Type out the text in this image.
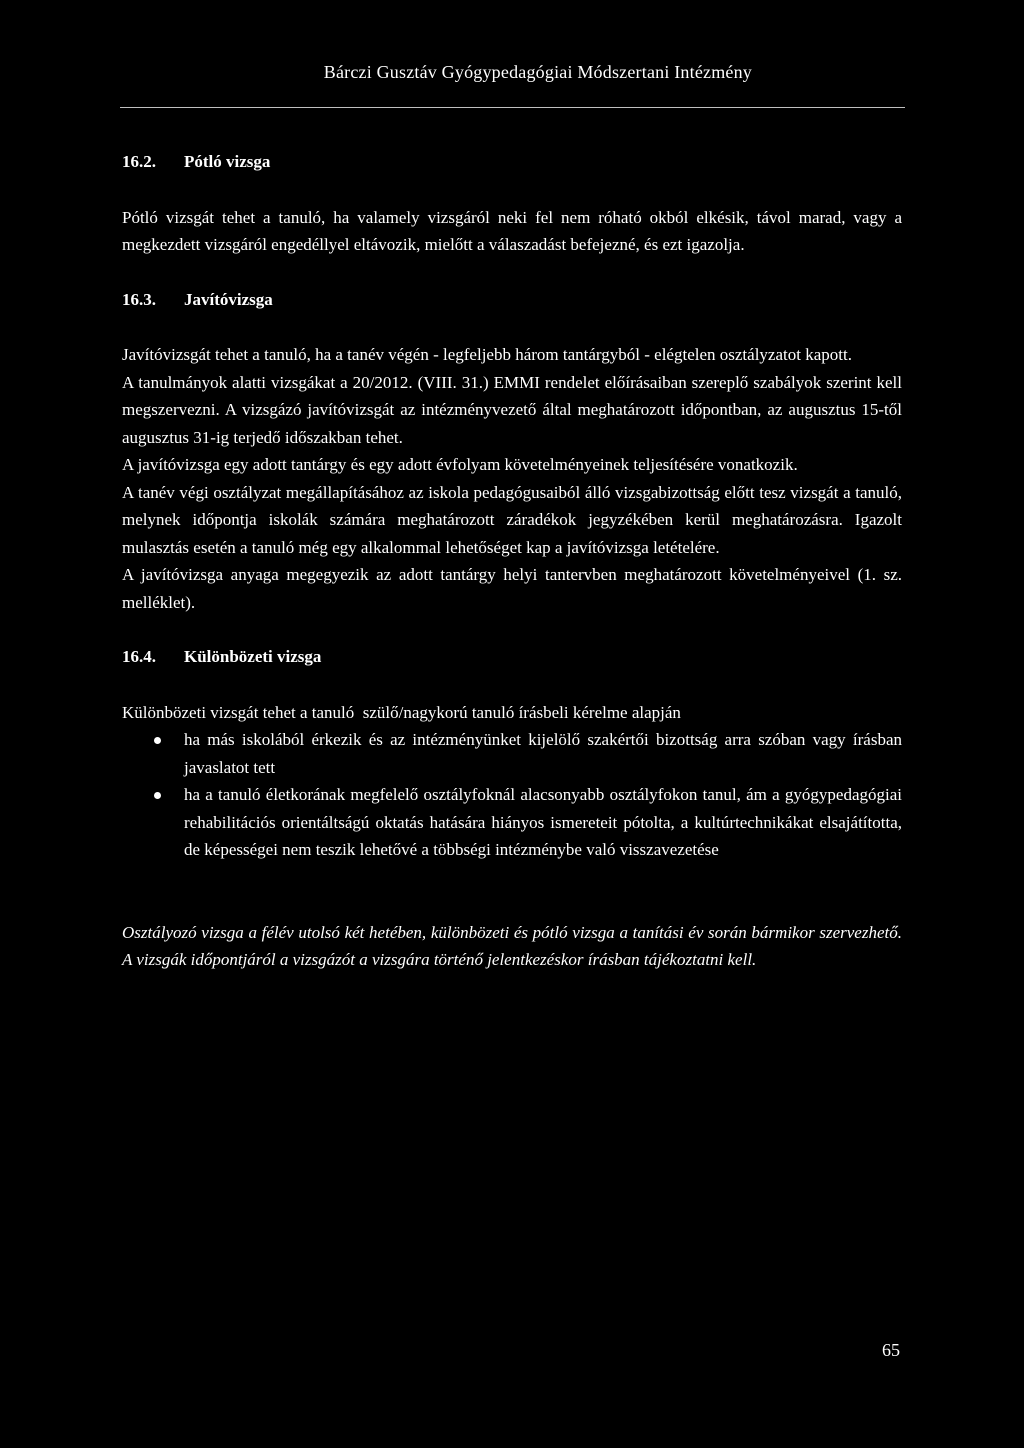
Bárczi Gusztáv Gyógypedagógiai Módszertani Intézmény
16.2.	Pótló vizsga

Pótló vizsgát tehet a tanuló, ha valamely vizsgáról neki fel nem róható okból elkésik, távol marad, vagy a megkezdett vizsgáról engedéllyel eltávozik, mielőtt a válaszadást befejezné, és ezt igazolja.

16.3.	Javítóvizsga

Javítóvizsgát tehet a tanuló, ha a tanév végén - legfeljebb három tantárgyból - elégtelen osztályzatot kapott.

A tanulmányok alatti vizsgákat a 20/2012. (VIII. 31.) EMMI rendelet előírásaiban szereplő szabályok szerint kell megszervezni. A vizsgázó javítóvizsgát az intézményvezető által meghatározott időpontban, az augusztus 15-től augusztus 31-ig terjedő időszakban tehet.

A javítóvizsga egy adott tantárgy és egy adott évfolyam követelményeinek teljesítésére vonatkozik.

A tanév végi osztályzat megállapításához az iskola pedagógusaiból álló vizsgabizottság előtt tesz vizsgát a tanuló, melynek időpontja iskolák számára meghatározott záradékok jegyzékében kerül meghatározásra. Igazolt mulasztás esetén a tanuló még egy alkalommal lehetőséget kap a javítóvizsga letételére.

A javítóvizsga anyaga megegyezik az adott tantárgy helyi tantervben meghatározott követelményeivel (1. sz. melléklet).

16.4.	Különbözeti vizsga

Különbözeti vizsgát tehet a tanuló  szülő/nagykorú tanuló írásbeli kérelme alapján

ha más iskolából érkezik és az intézményünket kijelölő szakértői bizottság arra szóban vagy írásban javaslatot tett
ha a tanuló életkorának megfelelő osztályfoknál alacsonyabb osztályfokon tanul, ám a gyógypedagógiai rehabilitációs orientáltságú oktatás hatására hiányos ismereteit pótolta, a kultúrtechnikákat elsajátította, de képességei nem teszik lehetővé a többségi intézménybe való visszavezetése

Osztályozó vizsga a félév utolsó két hetében, különbözeti és pótló vizsga a tanítási év során bármikor szervezhető. A vizsgák időpontjáról a vizsgázót a vizsgára történő jelentkezéskor írásban tájékoztatni kell.

65
